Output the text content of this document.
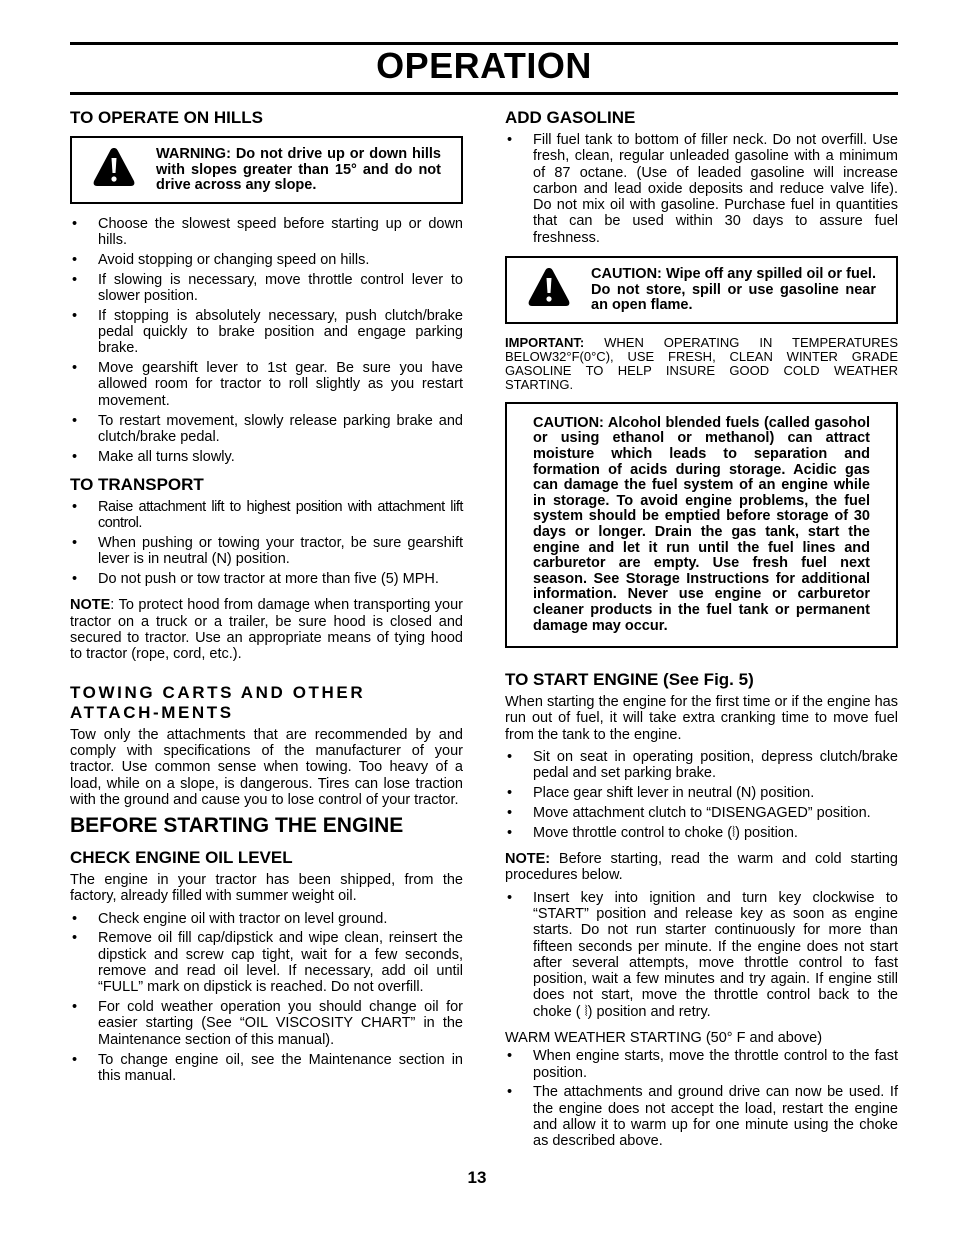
OPERATION
TO OPERATE ON HILLS
WARNING: Do not drive up or down hills with slopes greater than 15° and do not drive across any slope.
• Choose the slowest speed before starting up or down hills.
• Avoid stopping or changing speed on hills.
• If slowing is necessary, move throttle control lever to slower position.
• If stopping is absolutely necessary, push clutch/brake pedal quickly to brake position and engage parking brake.
• Move gearshift lever to 1st gear. Be sure you have allowed room for tractor to roll slightly as you restart movement.
• To restart movement, slowly release parking brake and clutch/brake pedal.
• Make all turns slowly.
TO TRANSPORT
• Raise attachment lift to highest position with attachment lift control.
• When pushing or towing your tractor, be sure gearshift lever is in neutral (N) position.
• Do not push or tow tractor at more than five (5) MPH.

NOTE: To protect hood from damage when transporting your tractor on a truck or a trailer, be sure hood is closed and secured to tractor. Use an appropriate means of tying hood to tractor (rope, cord, etc.).

TOWING CARTS AND OTHER ATTACH-MENTS

Tow only the attachments that are recommended by and comply with specifications of the manufacturer of your tractor. Use common sense when towing. Too heavy of a load, while on a slope, is dangerous. Tires can lose traction with the ground and cause you to lose control of your tractor.

BEFORE STARTING THE ENGINE
CHECK ENGINE OIL LEVEL

The engine in your tractor has been shipped, from the factory, already filled with summer weight oil.

• Check engine oil with tractor on level ground.
• Remove oil fill cap/dipstick and wipe clean, reinsert the dipstick and screw cap tight, wait for a few seconds, remove and read oil level. If necessary, add oil until “FULL” mark on dipstick is reached. Do not overfill.
• For cold weather operation you should change oil for easier starting (See “OIL VISCOSITY CHART” in the Maintenance section of this manual).
• To change engine oil, see the Maintenance section in this manual.
ADD GASOLINE
• Fill fuel tank to bottom of filler neck. Do not overfill. Use fresh, clean, regular unleaded gasoline with a minimum of 87 octane. (Use of leaded gasoline will increase carbon and lead oxide deposits and reduce valve life). Do not mix oil with gasoline. Purchase fuel in quantities that can be used within 30 days to assure fuel freshness.
CAUTION: Wipe off any spilled oil or fuel. Do not store, spill or use gasoline near an open flame.

IMPORTANT: WHEN OPERATING IN TEMPERATURES BELOW32°F(0°C), USE FRESH, CLEAN WINTER GRADE GASOLINE TO HELP INSURE GOOD COLD WEATHER STARTING.

CAUTION: Alcohol blended fuels (called gasohol or using ethanol or methanol) can attract moisture which leads to separation and formation of acids during storage. Acidic gas can damage the fuel system of an engine while in storage. To avoid engine problems, the fuel system should be emptied before storage of 30 days or longer. Drain the gas tank, start the engine and let it run until the fuel lines and carburetor are empty. Use fresh fuel next season. See Storage Instructions for additional information. Never use engine or carburetor cleaner products in the fuel tank or permanent damage may occur.
TO START ENGINE (See Fig. 5)

When starting the engine for the first time or if the engine has run out of fuel, it will take extra cranking time to move fuel from the tank to the engine.

• Sit on seat in operating position, depress clutch/brake pedal and set parking brake.
• Place gear shift lever in neutral (N) position.
• Move attachment clutch to “DISENGAGED” position.
• Move throttle control to choke (⦚) position.

NOTE: Before starting, read the warm and cold starting procedures below.

• Insert key into ignition and turn key clockwise to “START” position and release key as soon as engine starts. Do not run starter continuously for more than fifteen seconds per minute. If the engine does not start after several attempts, move throttle control to fast position, wait a few minutes and try again. If engine still does not start, move the throttle control back to the choke ( ⦚) position and retry.

WARM WEATHER STARTING (50° F and above)

• When engine starts, move the throttle control to the fast position.
• The attachments and ground drive can now be used. If the engine does not accept the load, restart the engine and allow it to warm up for one minute using the choke as described above.
13
